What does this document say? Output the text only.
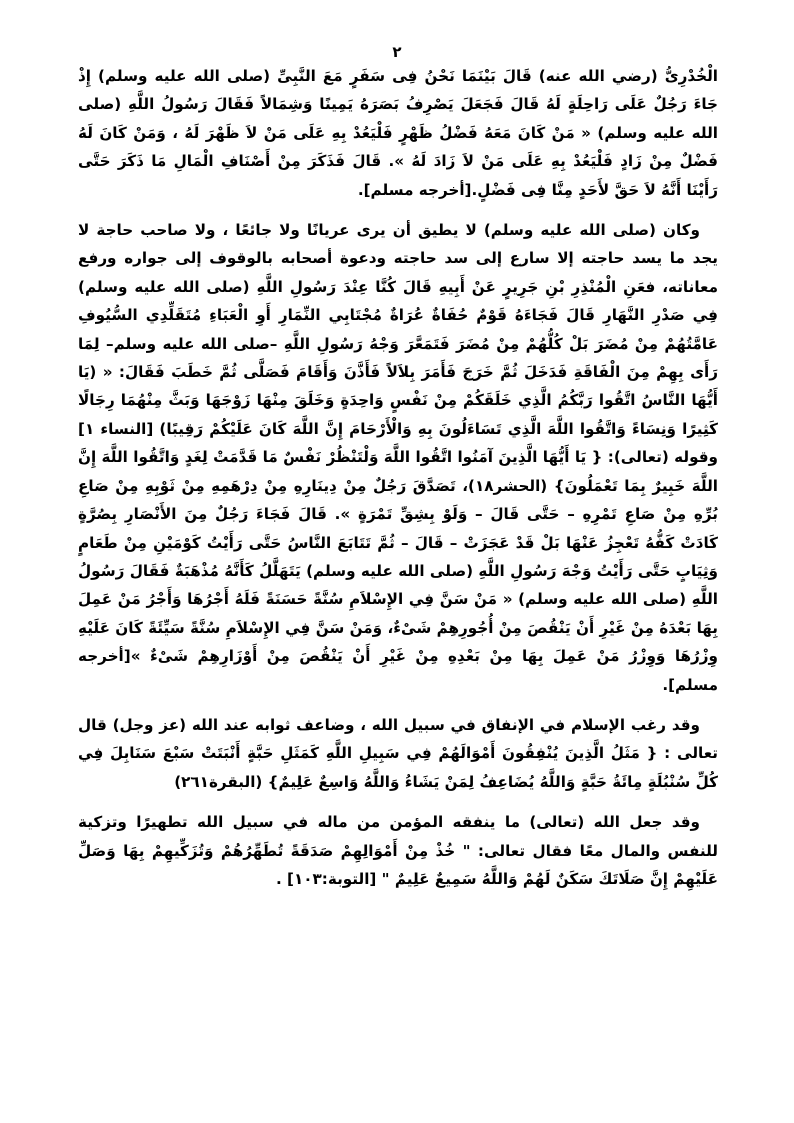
٢

الْخُدْرِىُّ (رضي الله عنه) قَالَ بَيْنَمَا نَحْنُ فِى سَفَرٍ مَعَ النَّبِىِّ (صلى الله عليه وسلم) إِذْ جَاءَ رَجُلٌ عَلَى رَاحِلَةٍ لَهُ قَالَ فَجَعَلَ يَصْرِفُ بَصَرَهُ يَمِينًا وَشِمَالاً فَقَالَ رَسُولُ اللَّهِ (صلى الله عليه وسلم) « مَنْ كَانَ مَعَهُ فَضْلُ ظَهْرٍ فَلْيَعُدْ بِهِ عَلَى مَنْ لاَ ظَهْرَ لَهُ ، وَمَنْ كَانَ لَهُ فَضْلٌ مِنْ زَادٍ فَلْيَعُدْ بِهِ عَلَى مَنْ لاَ زَادَ لَهُ ». قَالَ فَذَكَرَ مِنْ أَصْنَافِ الْمَالِ مَا ذَكَرَ حَتَّى رَأَيْنَا أَنَّهُ لاَ حَقَّ لأَحَدٍ مِنَّا فِى فَضْلٍ.[أخرجه مسلم].

وكان (صلى الله عليه وسلم) لا يطيق أن يرى عريانًا ولا جائعًا ، ولا صاحب حاجة لا يجد ما يسد حاجته إلا سارع إلى سد حاجته ودعوة أصحابه بالوقوف إلى جواره ورفع معاناته، فعَنِ الْمُنْذِرِ بْنِ جَرِيرٍ عَنْ أَبِيهِ قَالَ كُنَّا عِنْدَ رَسُولِ اللَّهِ (صلى الله عليه وسلم) فِي صَدْرِ النَّهَارِ قَالَ فَجَاءَهُ قَوْمٌ حُفَاةٌ عُرَاةٌ مُجْتَابِي النِّمَارِ أَوِ الْعَبَاءِ مُتَقَلِّدِي السُّيُوفِ عَامَّتُهُمْ مِنْ مُضَرَ بَلْ كُلُّهُمْ مِنْ مُضَرَ فَتَمَعَّرَ وَجْهُ رَسُولِ اللَّهِ –صلى الله عليه وسلم– لِمَا رَأَى بِهِمْ مِنَ الْفَاقَةِ فَدَخَلَ ثُمَّ خَرَجَ فَأَمَرَ بِلاَلاً فَأَذَّنَ وَأَقَامَ فَصَلَّى ثُمَّ خَطَبَ فَقَالَ: « (يَا أَيُّهَا النَّاسُ اتَّقُوا رَبَّكُمُ الَّذِي خَلَقَكُمْ مِنْ نَفْسٍ وَاحِدَةٍ وَخَلَقَ مِنْهَا زَوْجَهَا وَبَثَّ مِنْهُمَا رِجَالًا كَثِيرًا وَنِسَاءً وَاتَّقُوا اللَّهَ الَّذِي تَسَاءَلُونَ بِهِ وَالْأَرْحَامَ إِنَّ اللَّهَ كَانَ عَلَيْكُمْ رَقِيبًا) [النساء ١] وقوله (تعالى): { يَا أَيُّهَا الَّذِينَ آمَنُوا اتَّقُوا اللَّهَ وَلْتَنْظُرْ نَفْسٌ مَا قَدَّمَتْ لِغَدٍ وَاتَّقُوا اللَّهَ إِنَّ اللَّهَ خَبِيرٌ بِمَا تَعْمَلُونَ} (الحشر١٨)، تَصَدَّقَ رَجُلٌ مِنْ دِينَارِهِ مِنْ دِرْهَمِهِ مِنْ ثَوْبِهِ مِنْ صَاعِ بُرِّهِ مِنْ صَاعِ تَمْرِهِ – حَتَّى قَالَ – وَلَوْ بِشِقِّ تَمْرَةٍ ». قَالَ فَجَاءَ رَجُلٌ مِنَ الأَنْصَارِ بِصُرَّةٍ كَادَتْ كَفُّهُ تَعْجِزُ عَنْهَا بَلْ قَدْ عَجَزَتْ – قَالَ – ثُمَّ تَتَابَعَ النَّاسُ حَتَّى رَأَيْتُ كَوْمَيْنِ مِنْ طَعَامٍ وَثِيَابٍ حَتَّى رَأَيْتُ وَجْهَ رَسُولِ اللَّهِ (صلى الله عليه وسلم) يَتَهَلَّلُ كَأَنَّهُ مُذْهَبَةٌ فَقَالَ رَسُولُ اللَّهِ (صلى الله عليه وسلم) « مَنْ سَنَّ فِي الإِسْلاَمِ سُنَّةً حَسَنَةً فَلَهُ أَجْرُهَا وَأَجْرُ مَنْ عَمِلَ بِهَا بَعْدَهُ مِنْ غَيْرِ أَنْ يَنْقُصَ مِنْ أُجُورِهِمْ شَىْءٌ، وَمَنْ سَنَّ فِي الإِسْلاَمِ سُنَّةً سَيِّئَةً كَانَ عَلَيْهِ وِزْرُهَا وَوِزْرُ مَنْ عَمِلَ بِهَا مِنْ بَعْدِهِ مِنْ غَيْرِ أَنْ يَنْقُصَ مِنْ أَوْزَارِهِمْ شَىْءٌ »[أخرجه مسلم].

وقد رغب الإسلام في الإنفاق في سبيل الله ، وضاعف ثوابه عند الله (عز وجل) قال تعالى : { مَثَلُ الَّذِينَ يُنْفِقُونَ أَمْوَالَهُمْ فِي سَبِيلِ اللَّهِ كَمَثَلِ حَبَّةٍ أَنْبَتَتْ سَبْعَ سَنَابِلَ فِي كُلِّ سُنْبُلَةٍ مِائَةُ حَبَّةٍ وَاللَّهُ يُضَاعِفُ لِمَنْ يَشَاءُ وَاللَّهُ وَاسِعٌ عَلِيمٌ} (البقرة٢٦١)

وقد جعل الله (تعالى) ما ينفقه المؤمن من ماله في سبيل الله تطهيرًا وتزكية للنفس والمال معًا فقال تعالى: " خُذْ مِنْ أَمْوَالِهِمْ صَدَقَةً تُطَهِّرُهُمْ وَتُزَكِّيهِمْ بِهَا وَصَلِّ عَلَيْهِمْ إِنَّ صَلَاتَكَ سَكَنٌ لَهُمْ وَاللَّهُ سَمِيعٌ عَلِيمٌ " [التوبة:١٠٣] .
